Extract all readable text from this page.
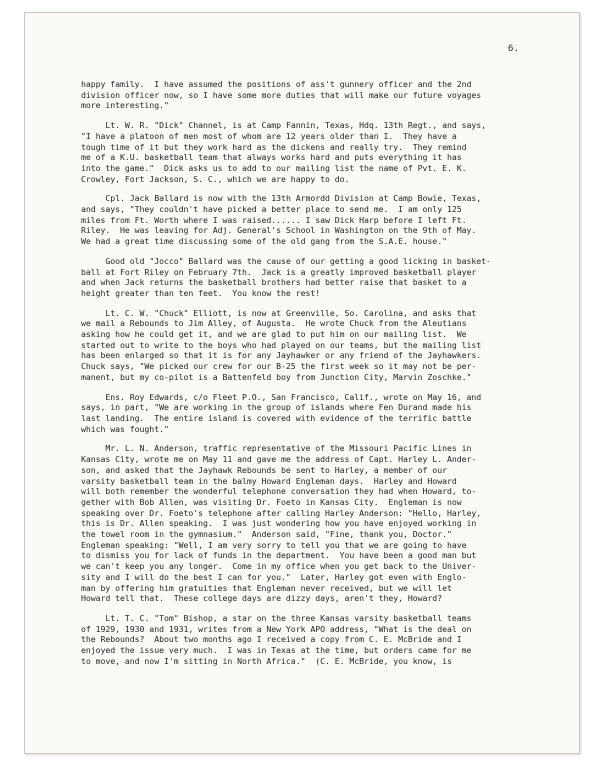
6.

happy family.  I have assumed the positions of ass't gunnery officer and the 2nd
division officer now, so I have some more duties that will make our future voyages
more interesting."

Lt. W. R. "Dick" Channel, is at Camp Fannin, Texas, Hdq. 13th Regt., and says,
"I have a platoon of men most of whom are 12 years older than I.  They have a
tough time of it but they work hard as the dickens and really try.  They remind
me of a K.U. basketball team that always works hard and puts everything it has
into the game."  Dick asks us to add to our mailing list the name of Pvt. E. K.
Crowley, Fort Jackson, S. C., which we are happy to do.

Cpl. Jack Ballard is now with the 13th Armordd Division at Camp Bowie, Texas,
and says, "They couldn't have picked a better place to send me.  I am only 125
miles from Ft. Worth where I was raised...... I saw Dick Harp before I left Ft.
Riley.  He was leaving for Adj. General's School in Washington on the 9th of May.
We had a great time discussing some of the old gang from the S.A.E. house."

Good old "Jocco" Ballard was the cause of our getting a good licking in basket-
ball at Fort Riley on February 7th.  Jack is a greatly improved basketball player
and when Jack returns the basketball brothers had better raise that basket to a
height greater than ten feet.  You know the rest!

Lt. C. W. "Chuck" Elliott, is now at Greenville, So. Carolina, and asks that
we mail a Rebounds to Jim Alley, of Augusta.  He wrote Chuck from the Aleutians
asking how he could get it, and we are glad to put him on our mailing list.  We
started out to write to the boys who had played on our teams, but the mailing list
has been enlarged so that it is for any Jayhawker or any friend of the Jayhawkers.
Chuck says, "We picked our crew for our B-25 the first week so it may not be per-
manent, but my co-pilot is a Battenfeld boy from Junction City, Marvin Zoschke."

Ens. Roy Edwards, c/o Fleet P.O., San Francisco, Calif., wrote on May 16, and
says, in part, "We are working in the group of islands where Fen Durand made his
last landing.  The entire island is covered with evidence of the terrific battle
which was fought."

Mr. L. N. Anderson, traffic representative of the Missouri Pacific Lines in
Kansas City, wrote me on May 11 and gave me the address of Capt. Harley L. Ander-
son, and asked that the Jayhawk Rebounds be sent to Harley, a member of our
varsity basketball team in the balmy Howard Engleman days.  Harley and Howard
will both remember the wonderful telephone conversation they had when Howard, to-
gether with Bob Allen, was visiting Dr. Foeto in Kansas City.  Engleman is now
speaking over Dr. Foeto's telephone after calling Harley Anderson: "Hello, Harley,
this is Dr. Allen speaking.  I was just wondering how you have enjoyed working in
the towel room in the gymnasium."  Anderson said, "Fine, thank you, Doctor."
Engleman speaking: "Well, I am very sorry to tell you that we are going to have
to dismiss you for lack of funds in the department.  You have been a good man but
we can't keep you any longer.  Come in my office when you get back to the Univer-
sity and I will do the best I can for you."  Later, Harley got even with Englo-
man by offering him gratuities that Engleman never received, but we will let
Howard tell that.  These college days are dizzy days, aren't they, Howard?

Lt. T. C. "Tom" Bishop, a star on the three Kansas varsity basketball teams
of 1929, 1930 and 1931, writes from a New York APO address, "What is the deal on
the Rebounds?  About two months ago I received a copy from C. E. McBride and I
enjoyed the issue very much.  I was in Texas at the time, but orders came for me
to move, and now I'm sitting in North Africa."  (C. E. McBride, you know, is
